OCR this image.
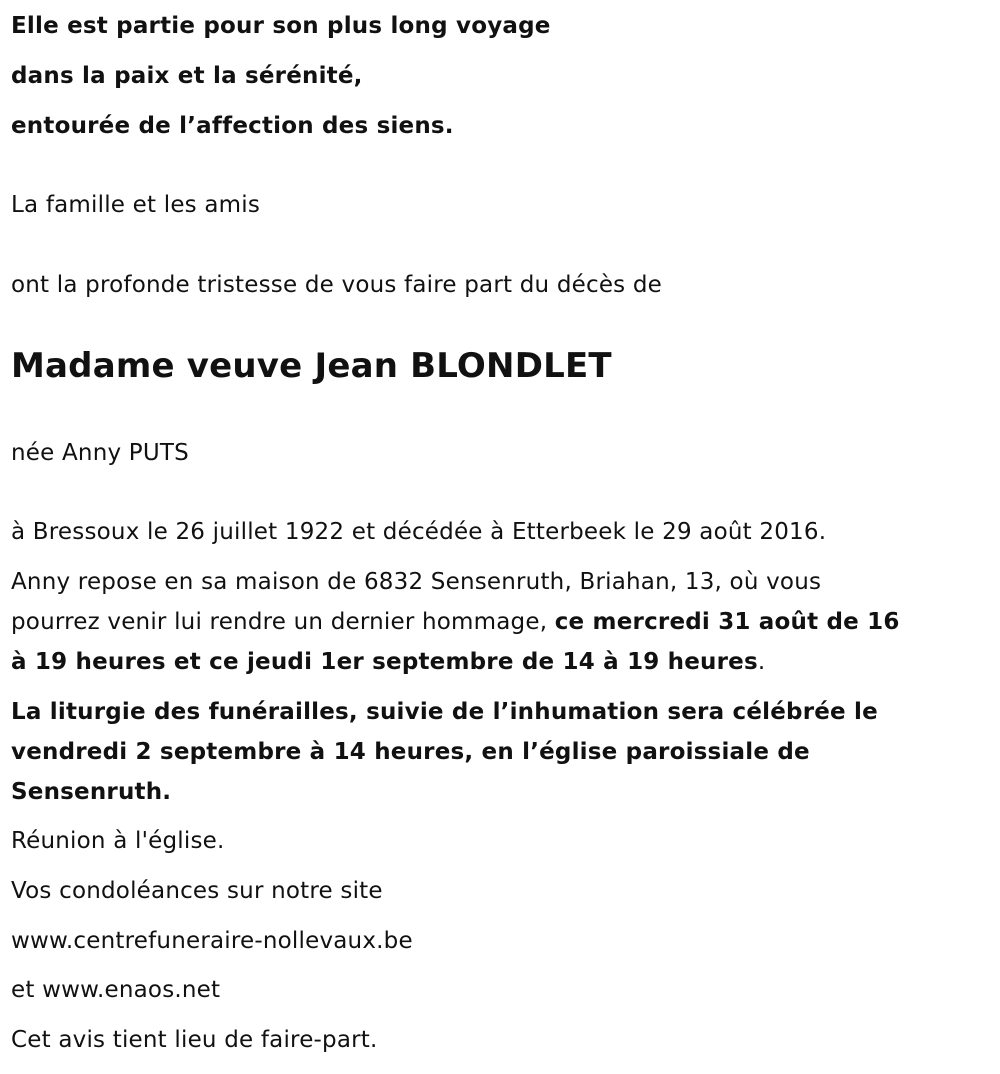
Elle est partie pour son plus long voyage
dans la paix et la sérénité,
entourée de l’affection des siens.
La famille et les amis
ont la profonde tristesse de vous faire part du décès de
Madame veuve Jean BLONDLET
née Anny PUTS
à Bressoux le 26 juillet 1922 et décédée à Etterbeek le 29 août 2016.
Anny repose en sa maison de 6832 Sensenruth, Briahan, 13, où vous
pourrez venir lui rendre un dernier hommage, ce mercredi 31 août de 16
à 19 heures et ce jeudi 1er septembre de 14 à 19 heures.
La liturgie des funérailles, suivie de l’inhumation sera célébrée le
vendredi 2 septembre à 14 heures, en l’église paroissiale de
Sensenruth.
Réunion à l'église.
Vos condoléances sur notre site
www.centrefuneraire-nollevaux.be
et www.enaos.net
Cet avis tient lieu de faire-part.
